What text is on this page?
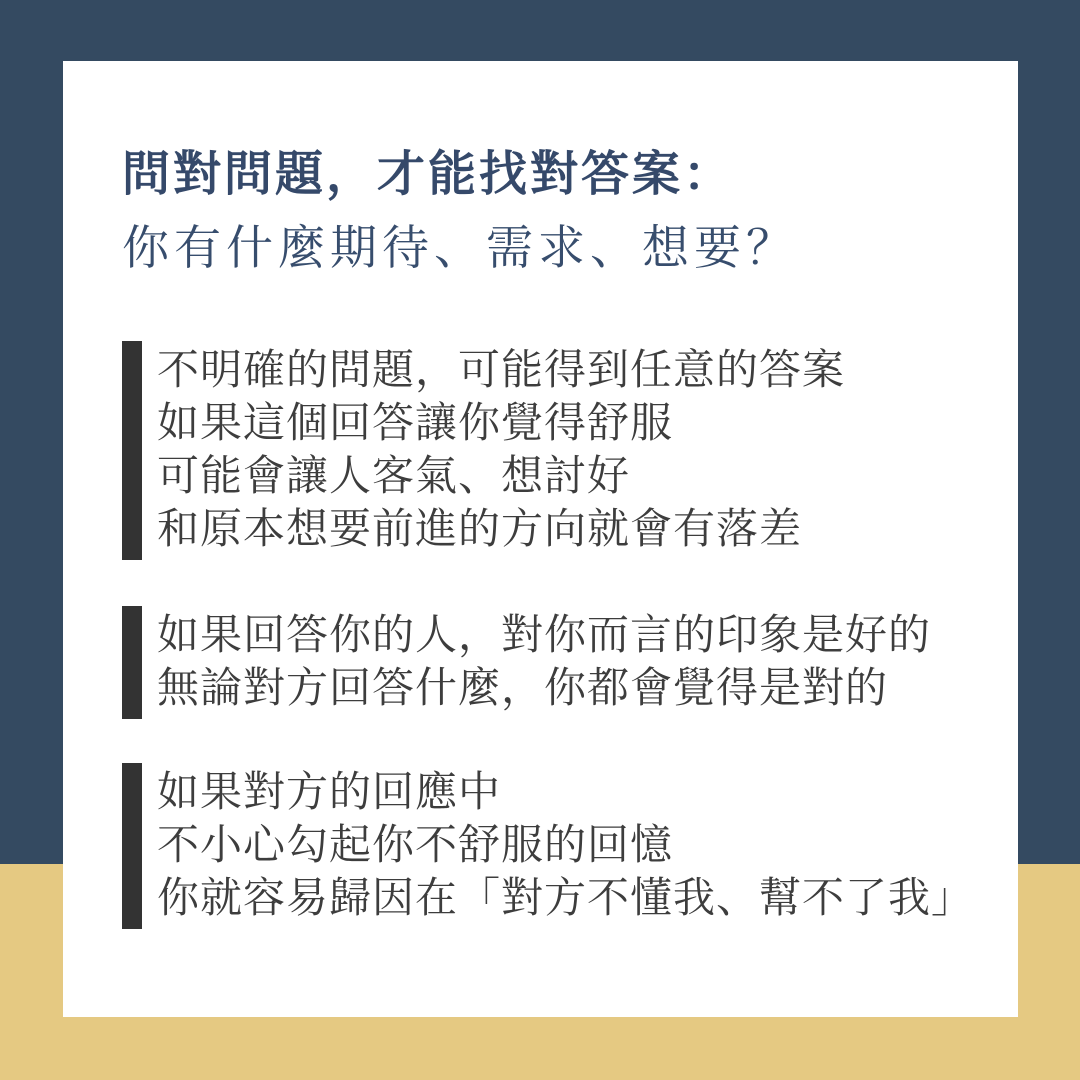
問對問題，才能找對答案：
你有什麼期待、需求、想要？
不明確的問題，可能得到任意的答案
如果這個回答讓你覺得舒服
可能會讓人客氣、想討好
和原本想要前進的方向就會有落差
如果回答你的人，對你而言的印象是好的
無論對方回答什麼，你都會覺得是對的
如果對方的回應中
不小心勾起你不舒服的回憶
你就容易歸因在「對方不懂我、幫不了我」
